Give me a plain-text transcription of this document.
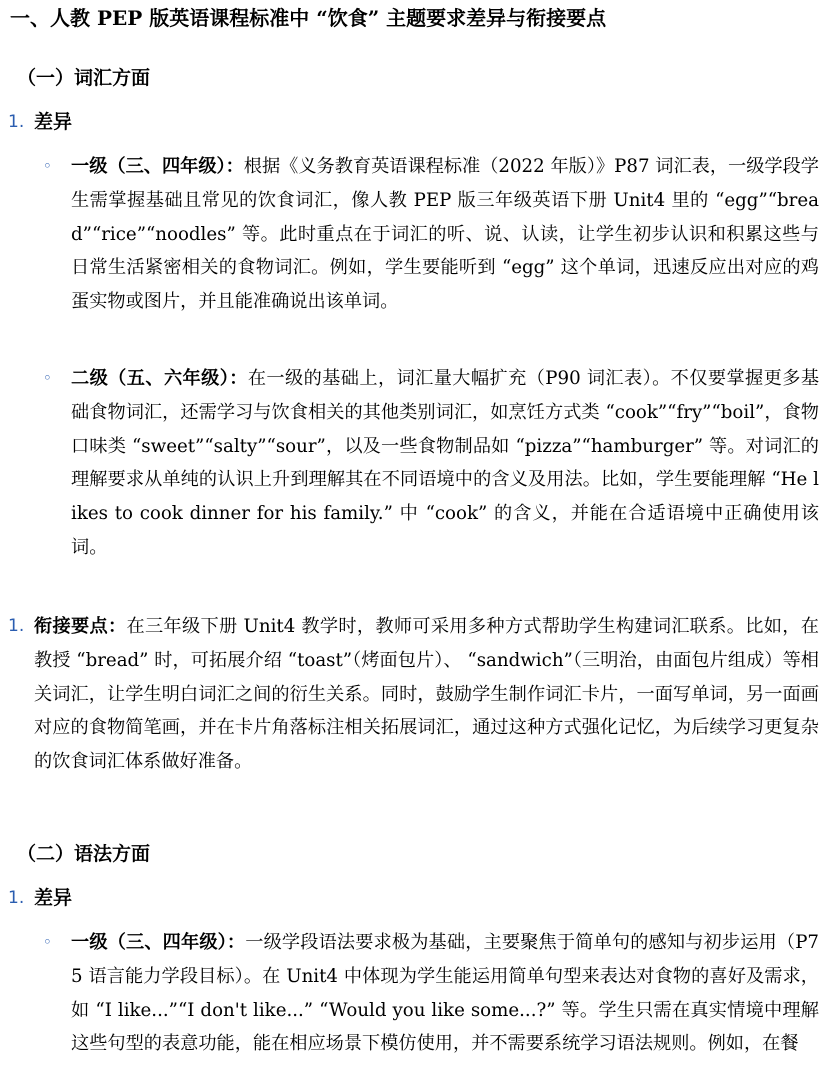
一、人教 PEP 版英语课程标准中 “饮食” 主题要求差异与衔接要点
（一）词汇方面
1. 差异
◦ 一级（三、四年级）：根据《义务教育英语课程标准（2022 年版）》P87 词汇表，一级学段学生需掌握基础且常见的饮食词汇，像人教 PEP 版三年级英语下册 Unit4 里的 “egg”“bread”“rice”“noodles” 等。此时重点在于词汇的听、说、认读，让学生初步认识和积累这些与日常生活紧密相关的食物词汇。例如，学生要能听到 “egg” 这个单词，迅速反应出对应的鸡蛋实物或图片，并且能准确说出该单词。
◦ 二级（五、六年级）：在一级的基础上，词汇量大幅扩充（P90 词汇表）。不仅要掌握更多基础食物词汇，还需学习与饮食相关的其他类别词汇，如烹饪方式类 “cook”“fry”“boil”，食物口味类 “sweet”“salty”“sour”，以及一些食物制品如 “pizza”“hamburger” 等。对词汇的理解要求从单纯的认识上升到理解其在不同语境中的含义及用法。比如，学生要能理解 “He likes to cook dinner for his family.” 中 “cook” 的含义，并能在合适语境中正确使用该词。
1. 衔接要点：在三年级下册 Unit4 教学时，教师可采用多种方式帮助学生构建词汇联系。比如，在教授 “bread” 时，可拓展介绍 “toast”（烤面包片）、 “sandwich”（三明治，由面包片组成）等相关词汇，让学生明白词汇之间的衍生关系。同时，鼓励学生制作词汇卡片，一面写单词，另一面画对应的食物简笔画，并在卡片角落标注相关拓展词汇，通过这种方式强化记忆，为后续学习更复杂的饮食词汇体系做好准备。
（二）语法方面
1. 差异
◦ 一级（三、四年级）：一级学段语法要求极为基础，主要聚焦于简单句的感知与初步运用（P75 语言能力学段目标）。在 Unit4 中体现为学生能运用简单句型来表达对食物的喜好及需求，如 “I like...”“I don't like...” “Would you like some...?” 等。学生只需在真实情境中理解这些句型的表意功能，能在相应场景下模仿使用，并不需要系统学习语法规则。例如，在餐
